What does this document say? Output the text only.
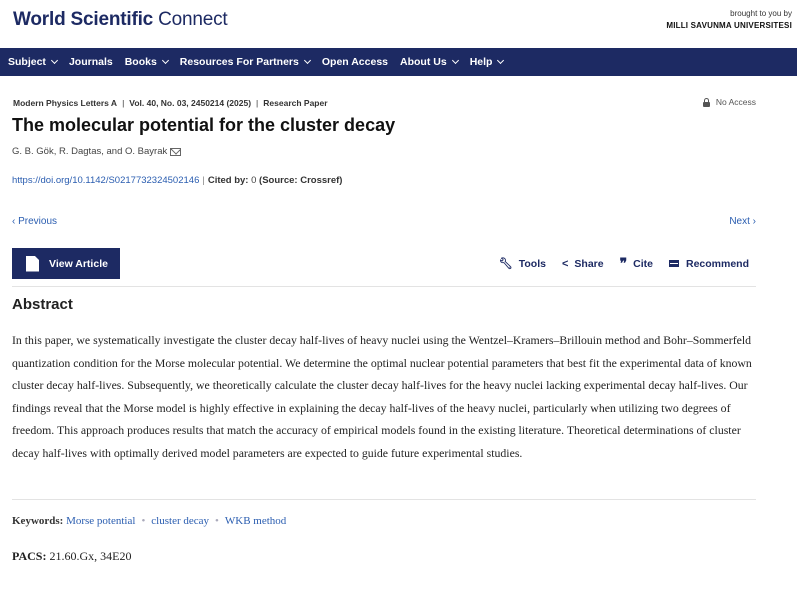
World Scientific Connect	brought to you by
MILLI SAVUNMA UNIVERSITESI
Subject Journals Books Resources For Partners Open Access About Us Help
Modern Physics Letters A | Vol. 40, No. 03, 2450214 (2025) | Research Paper	No Access
The molecular potential for the cluster decay
G. B. Gök, R. Dagtas, and O. Bayrak
https://doi.org/10.1142/S0217732324502146 | Cited by: 0 (Source: Crossref)
‹ Previous	Next ›
View Article	🔧︎ Tools < Share ❞ Cite	Recommend
Abstract

In this paper, we systematically investigate the cluster decay half-lives of heavy nuclei using the Wentzel–Kramers–Brillouin method and Bohr–Sommerfeld quantization condition for the Morse molecular potential. We determine the optimal nuclear potential parameters that best fit the experimental data of known cluster decay half-lives. Subsequently, we theoretically calculate the cluster decay half-lives for the heavy nuclei lacking experimental decay half-lives. Our findings reveal that the Morse model is highly effective in explaining the decay half-lives of the heavy nuclei, particularly when utilizing two degrees of freedom. This approach produces results that match the accuracy of empirical models found in the existing literature. Theoretical determinations of cluster decay half-lives with optimally derived model parameters are expected to guide future experimental studies.

Keywords: Morse potential • cluster decay • WKB method
PACS: 21.60.Gx, 34E20
